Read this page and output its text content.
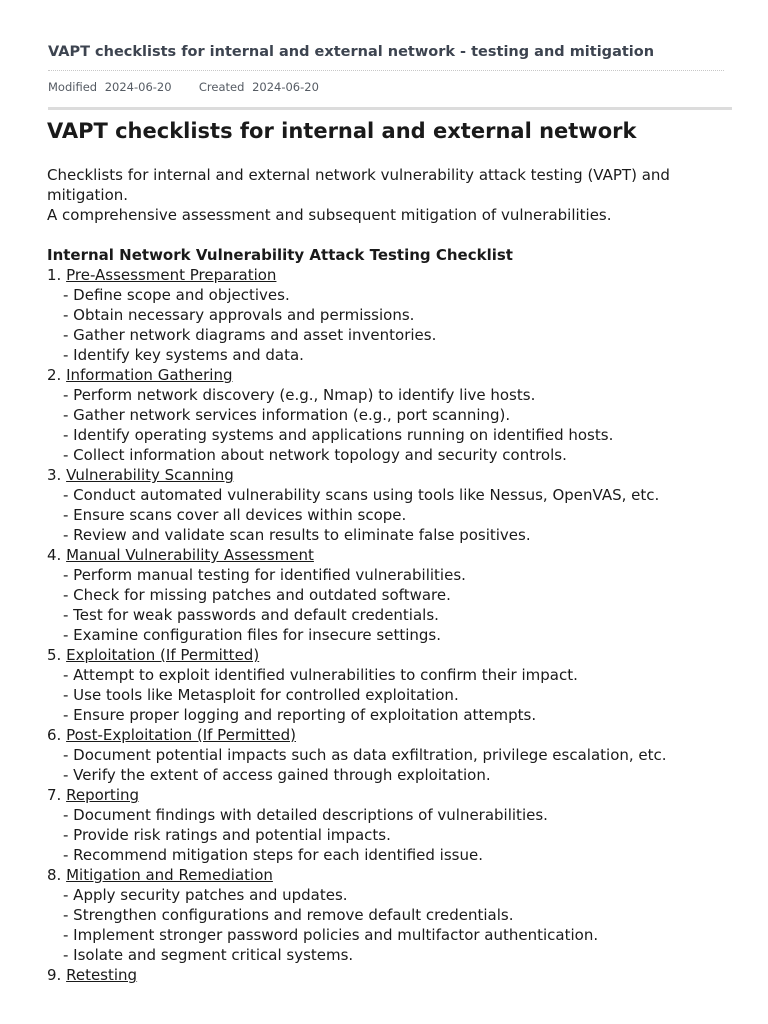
VAPT checklists for internal and external network - testing and mitigation
Modified 2024-06-20 Created 2024-06-20
VAPT checklists for internal and external network

Checklists for internal and external network vulnerability attack testing (VAPT) and mitigation.

A comprehensive assessment and subsequent mitigation of vulnerabilities.

Internal Network Vulnerability Attack Testing Checklist
1. Pre-Assessment Preparation
- Define scope and objectives.
- Obtain necessary approvals and permissions.
- Gather network diagrams and asset inventories.
- Identify key systems and data.
2. Information Gathering
- Perform network discovery (e.g., Nmap) to identify live hosts.
- Gather network services information (e.g., port scanning).
- Identify operating systems and applications running on identified hosts.
- Collect information about network topology and security controls.
3. Vulnerability Scanning
- Conduct automated vulnerability scans using tools like Nessus, OpenVAS, etc.
- Ensure scans cover all devices within scope.
- Review and validate scan results to eliminate false positives.
4. Manual Vulnerability Assessment
- Perform manual testing for identified vulnerabilities.
- Check for missing patches and outdated software.
- Test for weak passwords and default credentials.
- Examine configuration files for insecure settings.
5. Exploitation (If Permitted)
- Attempt to exploit identified vulnerabilities to confirm their impact.
- Use tools like Metasploit for controlled exploitation.
- Ensure proper logging and reporting of exploitation attempts.
6. Post-Exploitation (If Permitted)
- Document potential impacts such as data exfiltration, privilege escalation, etc.
- Verify the extent of access gained through exploitation.
7. Reporting
- Document findings with detailed descriptions of vulnerabilities.
- Provide risk ratings and potential impacts.
- Recommend mitigation steps for each identified issue.
8. Mitigation and Remediation
- Apply security patches and updates.
- Strengthen configurations and remove default credentials.
- Implement stronger password policies and multifactor authentication.
- Isolate and segment critical systems.
9. Retesting
